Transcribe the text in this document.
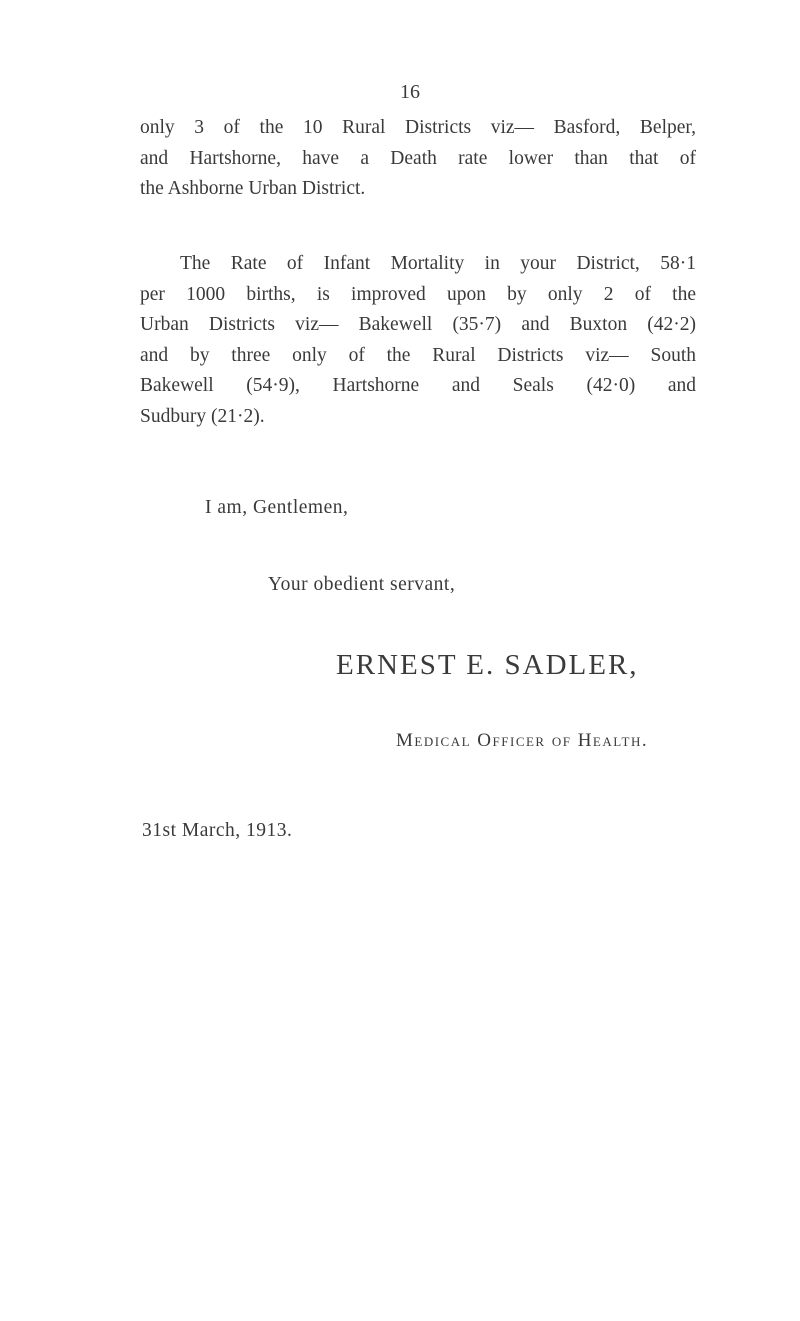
16
only 3 of the 10 Rural Districts viz— Basford, Belper,
and Hartshorne, have a Death rate lower than that of
the Ashborne Urban District.
The Rate of Infant Mortality in your District, 58·1
per 1000 births, is improved upon by only 2 of the
Urban Districts viz— Bakewell (35·7) and Buxton (42·2)
and by three only of the Rural Districts viz— South
Bakewell (54·9), Hartshorne and Seals (42·0) and
Sudbury (21·2).
I am, Gentlemen,
Your obedient servant,
ERNEST E. SADLER,
Medical Officer of Health.
31st March, 1913.
